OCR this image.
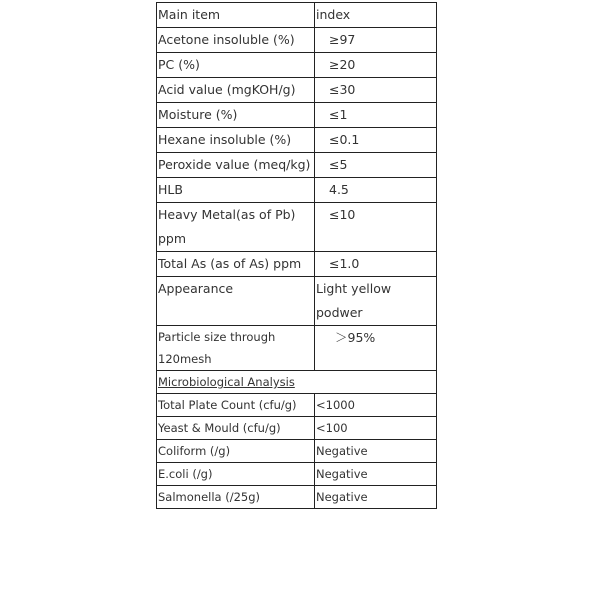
Main item	index
Acetone insoluble (%)	≥97
PC (%)	≥20
Acid value (mgKOH/g)	≤30
Moisture (%)	≤1
Hexane insoluble (%)	≤0.1
Peroxide value (meq/kg)	≤5
HLB	4.5
Heavy Metal(as of Pb) ppm	≤10
Total As (as of As) ppm	≤1.0
Appearance	Light yellow podwer
Particle size through 120mesh	＞95%
Microbiological Analysis	
Total Plate Count (cfu/g)	<1000
Yeast & Mould (cfu/g)	<100
Coliform (/g)	Negative
E.coli (/g)	Negative
Salmonella (/25g)	Negative
